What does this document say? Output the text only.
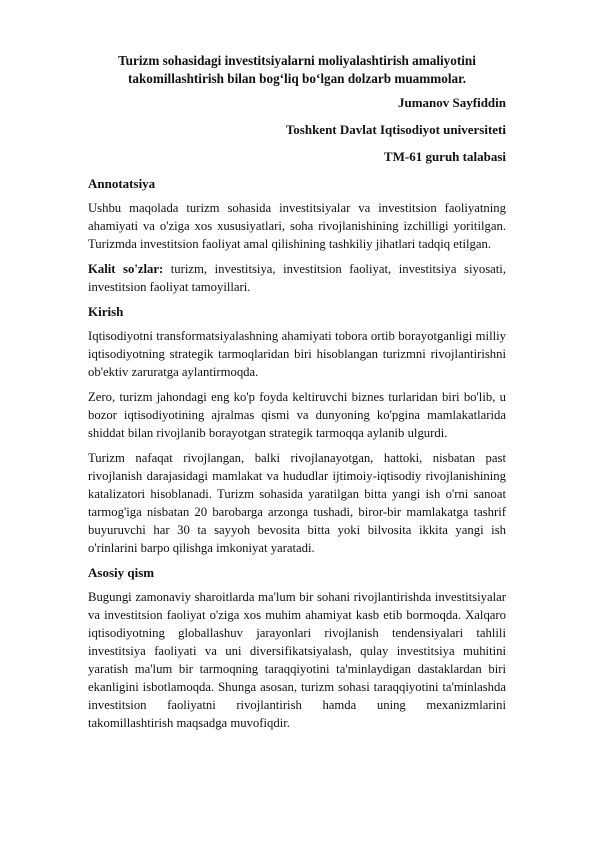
Turizm sohasidagi investitsiyalarni moliyalashtirish amaliyotini
takomillashtirish bilan bogʻliq boʻlgan dolzarb muammolar.
Jumanov Sayfiddin
Toshkent Davlat Iqtisodiyot universiteti
TM-61 guruh talabasi
Annotatsiya

Ushbu maqolada turizm sohasida investitsiyalar va investitsion faoliyatning ahamiyati va o'ziga xos xususiyatlari, soha rivojlanishining izchilligi yoritilgan. Turizmda investitsion faoliyat amal qilishining tashkiliy jihatlari tadqiq etilgan.

Kalit so'zlar: turizm, investitsiya, investitsion faoliyat, investitsiya siyosati, investitsion faoliyat tamoyillari.

Kirish

Iqtisodiyotni transformatsiyalashning ahamiyati tobora ortib borayotganligi milliy iqtisodiyotning strategik tarmoqlaridan biri hisoblangan turizmni rivojlantirishni ob'ektiv zaruratga aylantirmoqda.

Zero, turizm jahondagi eng ko'p foyda keltiruvchi biznes turlaridan biri bo'lib, u bozor iqtisodiyotining ajralmas qismi va dunyoning ko'pgina mamlakatlarida shiddat bilan rivojlanib borayotgan strategik tarmoqqa aylanib ulgurdi.

Turizm nafaqat rivojlangan, balki rivojlanayotgan, hattoki, nisbatan past rivojlanish darajasidagi mamlakat va hududlar ijtimoiy-iqtisodiy rivojlanishining katalizatori hisoblanadi. Turizm sohasida yaratilgan bitta yangi ish o'rni sanoat tarmog'iga nisbatan 20 barobarga arzonga tushadi, biror-bir mamlakatga tashrif buyuruvchi har 30 ta sayyoh bevosita bitta yoki bilvosita ikkita yangi ish o'rinlarini barpo qilishga imkoniyat yaratadi.

Asosiy qism

Bugungi zamonaviy sharoitlarda ma'lum bir sohani rivojlantirishda investitsiyalar va investitsion faoliyat o'ziga xos muhim ahamiyat kasb etib bormoqda. Xalqaro iqtisodiyotning globallashuv jarayonlari rivojlanish tendensiyalari tahlili investitsiya faoliyati va uni diversifikatsiyalash, qulay investitsiya muhitini yaratish ma'lum bir tarmoqning taraqqiyotini ta'minlaydigan dastaklardan biri ekanligini isbotlamoqda. Shunga asosan, turizm sohasi taraqqiyotini ta'minlashda investitsion faoliyatni rivojlantirish hamda uning mexanizmlarini takomillashtirish maqsadga muvofiqdir.
